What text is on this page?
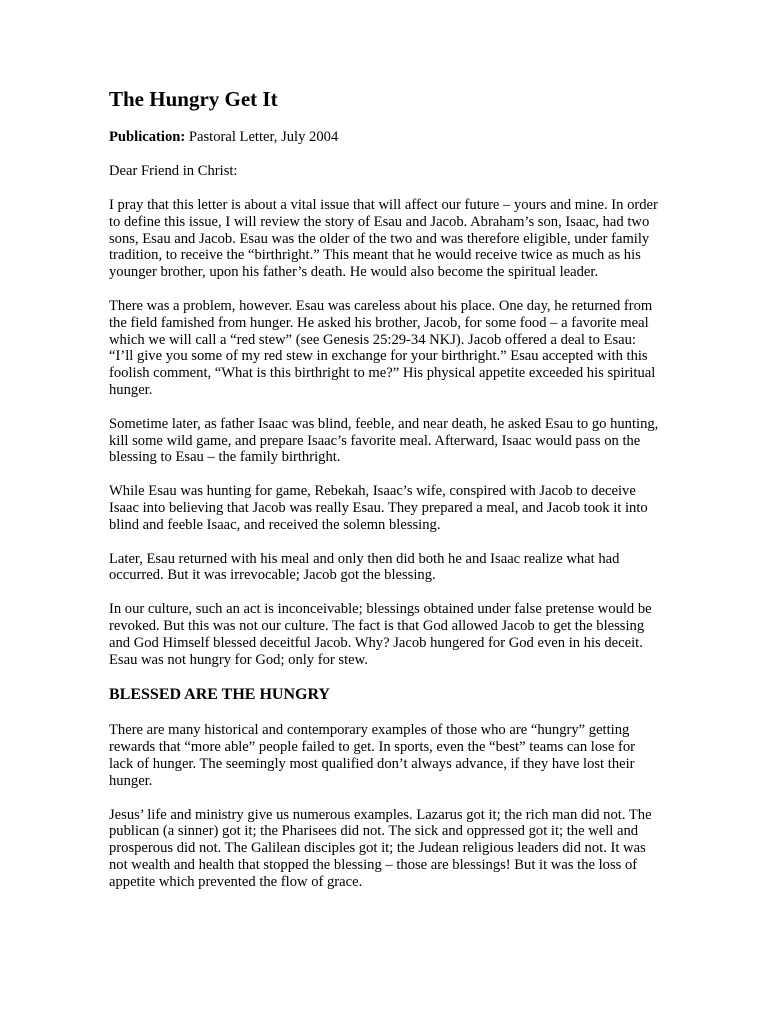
The Hungry Get It
Publication: Pastoral Letter, July 2004
Dear Friend in Christ:

I pray that this letter is about a vital issue that will affect our future – yours and mine. In order to define this issue, I will review the story of Esau and Jacob. Abraham’s son, Isaac, had two sons, Esau and Jacob. Esau was the older of the two and was therefore eligible, under family tradition, to receive the “birthright.” This meant that he would receive twice as much as his younger brother, upon his father’s death. He would also become the spiritual leader.

There was a problem, however. Esau was careless about his place. One day, he returned from the field famished from hunger. He asked his brother, Jacob, for some food – a favorite meal which we will call a “red stew” (see Genesis 25:29-34 NKJ). Jacob offered a deal to Esau: “I’ll give you some of my red stew in exchange for your birthright.” Esau accepted with this foolish comment, “What is this birthright to me?” His physical appetite exceeded his spiritual hunger.

Sometime later, as father Isaac was blind, feeble, and near death, he asked Esau to go hunting, kill some wild game, and prepare Isaac’s favorite meal. Afterward, Isaac would pass on the blessing to Esau – the family birthright.

While Esau was hunting for game, Rebekah, Isaac’s wife, conspired with Jacob to deceive Isaac into believing that Jacob was really Esau. They prepared a meal, and Jacob took it into blind and feeble Isaac, and received the solemn blessing.

Later, Esau returned with his meal and only then did both he and Isaac realize what had occurred. But it was irrevocable; Jacob got the blessing.

In our culture, such an act is inconceivable; blessings obtained under false pretense would be revoked. But this was not our culture. The fact is that God allowed Jacob to get the blessing and God Himself blessed deceitful Jacob. Why? Jacob hungered for God even in his deceit. Esau was not hungry for God; only for stew.

BLESSED ARE THE HUNGRY

There are many historical and contemporary examples of those who are “hungry” getting rewards that “more able” people failed to get. In sports, even the “best” teams can lose for lack of hunger. The seemingly most qualified don’t always advance, if they have lost their hunger.

Jesus’ life and ministry give us numerous examples. Lazarus got it; the rich man did not. The publican (a sinner) got it; the Pharisees did not. The sick and oppressed got it; the well and prosperous did not. The Galilean disciples got it; the Judean religious leaders did not. It was not wealth and health that stopped the blessing – those are blessings! But it was the loss of appetite which prevented the flow of grace.
